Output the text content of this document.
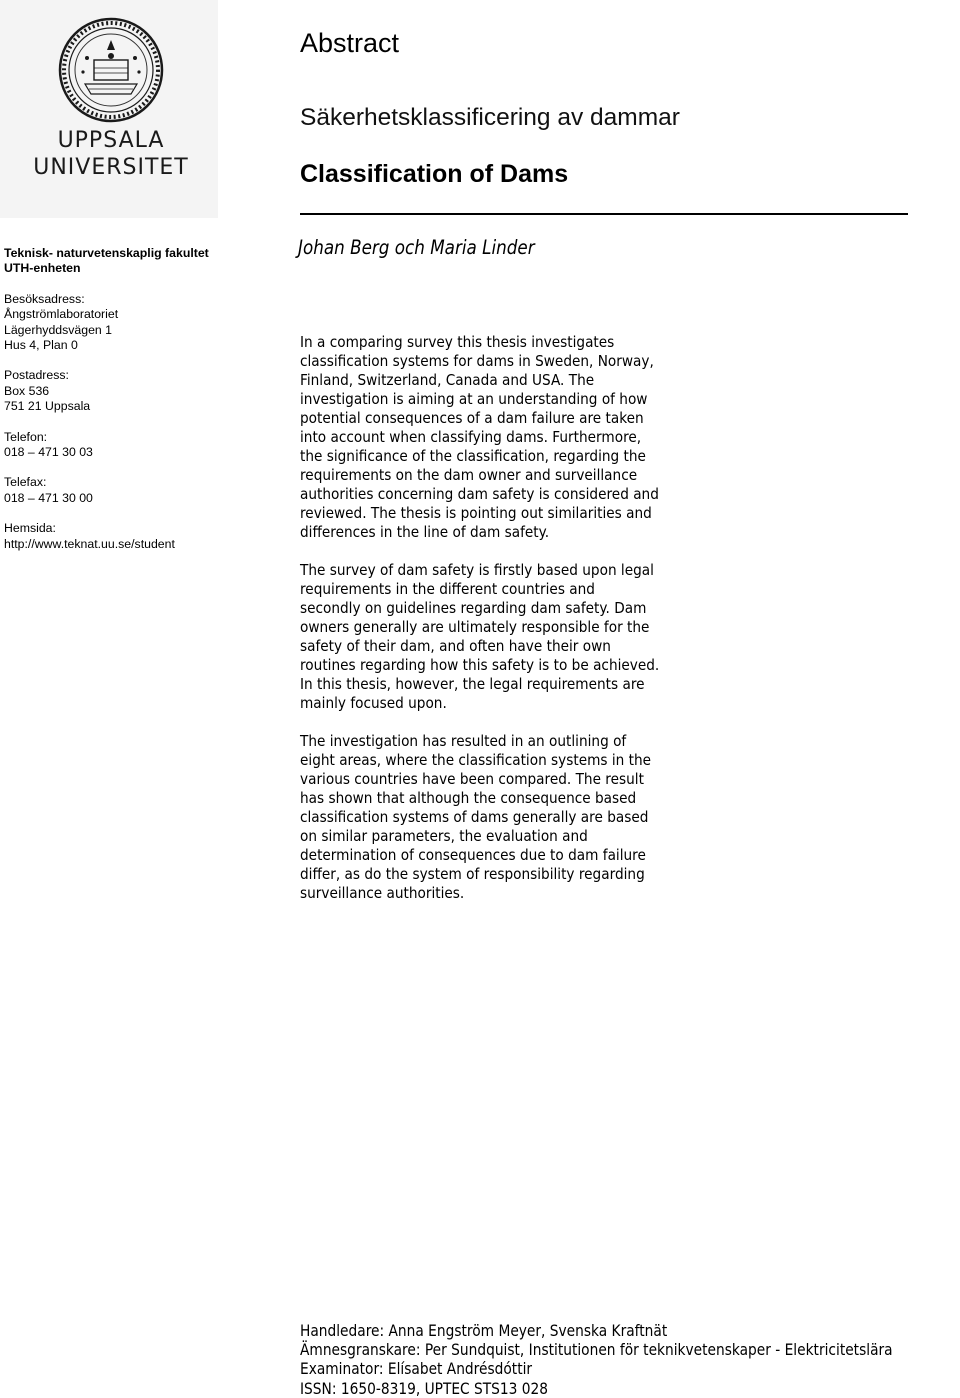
UPPSALA
UNIVERSITET
Teknisk- naturvetenskaplig fakultet
UTH-enheten
Besöksadress:
Ångströmlaboratoriet
Lägerhyddsvägen 1
Hus 4, Plan 0
Postadress:
Box 536
751 21 Uppsala
Telefon:
018 – 471 30 03
Telefax:
018 – 471 30 00
Hemsida:
http://www.teknat.uu.se/student
Abstract
Säkerhetsklassificering av dammar
Classification of Dams
Johan Berg och Maria Linder

In a comparing survey this thesis investigates
classification systems for dams in Sweden, Norway,
Finland, Switzerland, Canada and USA. The
investigation is aiming at an understanding of how
potential consequences of a dam failure are taken
into account when classifying dams. Furthermore,
the significance of the classification, regarding the
requirements on the dam owner and surveillance
authorities concerning dam safety is considered and
reviewed. The thesis is pointing out similarities and
differences in the line of dam safety.

The survey of dam safety is firstly based upon legal
requirements in the different countries and
secondly on guidelines regarding dam safety. Dam
owners generally are ultimately responsible for the
safety of their dam, and often have their own
routines regarding how this safety is to be achieved.
In this thesis, however, the legal requirements are
mainly focused upon.

The investigation has resulted in an outlining of
eight areas, where the classification systems in the
various countries have been compared. The result
has shown that although the consequence based
classification systems of dams generally are based
on similar parameters, the evaluation and
determination of consequences due to dam failure
differ, as do the system of responsibility regarding
surveillance authorities.

Handledare: Anna Engström Meyer, Svenska Kraftnät
Ämnesgranskare: Per Sundquist, Institutionen för teknikvetenskaper - Elektricitetslära
Examinator: Elísabet Andrésdóttir
ISSN: 1650-8319, UPTEC STS13 028
